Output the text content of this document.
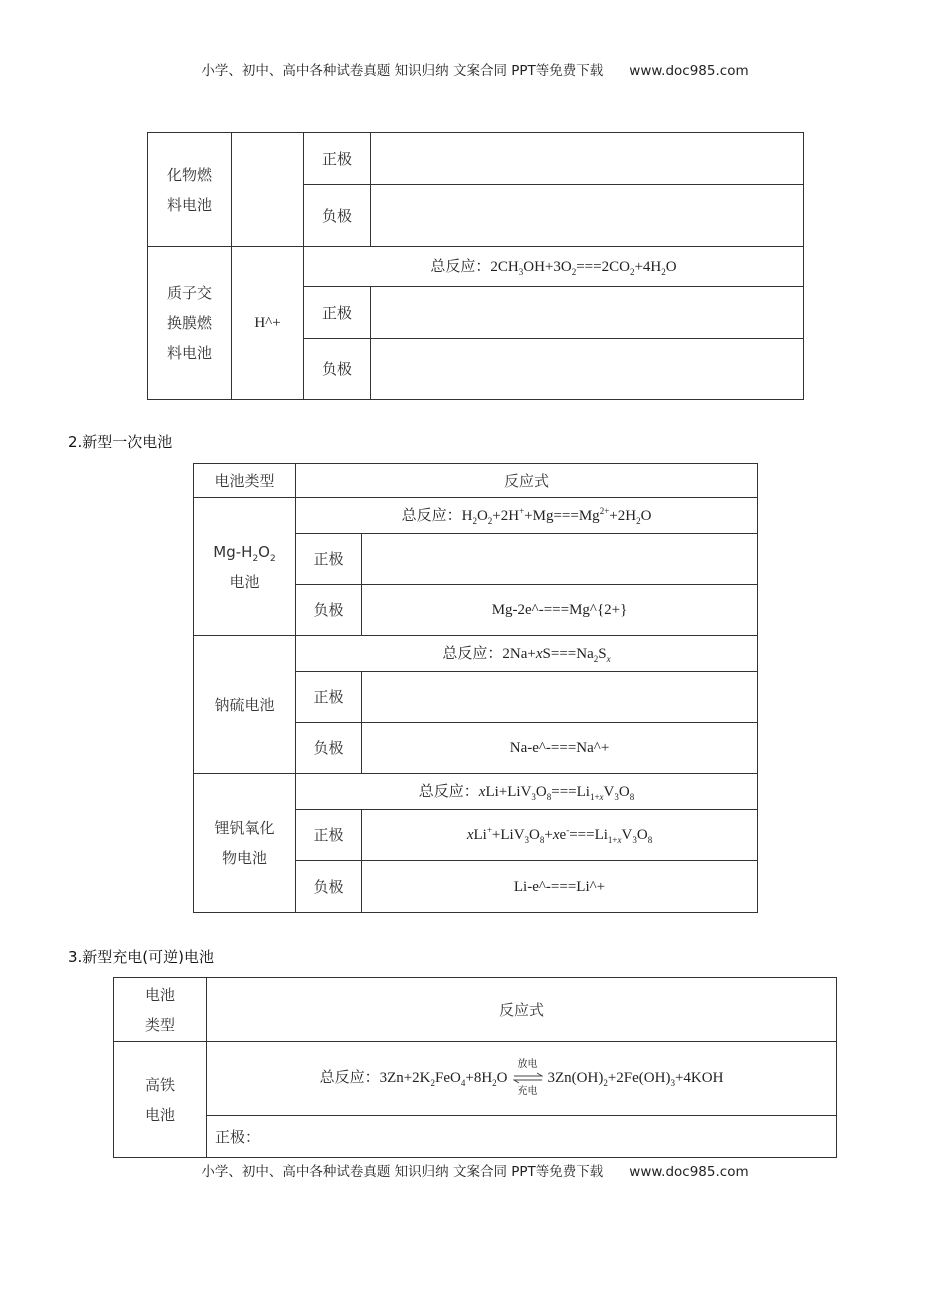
小学、初中、高中各种试卷真题 知识归纳 文案合同 PPT等免费下载 www.doc985.com
化物燃
料电池		正极	
		负极	
质子交
换膜燃
料电池	H^+	总反应：$2CH_3OH+3O_2===2CO_2+4H_2O$	
		正极	
		负极	
2.新型一次电池
电池类型	反应式	
$Mg-H_2O_2$
电池	总反应：$H_2O_2+2H^++Mg===Mg^{2+}+2H_2O$	
	正极	
	负极	Mg-2e^-===Mg^{2+}
钠硫电池	总反应：$2Na+xS===Na_2S_x$
	正极	
	负极	Na-e^-===Na^+
锂钒氧化
物电池	总反应：$xLi+LiV_3O_8===Li_{1+x}V_3O_8$
	正极	$xLi^++LiV_3O_8+xe^-===Li_{1+x}V_3O_8$
	负极	Li-e^-===Li^+
3.新型充电(可逆)电池
电池
类型	反应式
高铁
电池	总反应：$3Zn+2K_2FeO_4+8H_2O$
放电
充电
$3Zn(OH)_2+2Fe(OH)_3+4KOH$
	正极：
小学、初中、高中各种试卷真题 知识归纳 文案合同 PPT等免费下载 www.doc985.com
